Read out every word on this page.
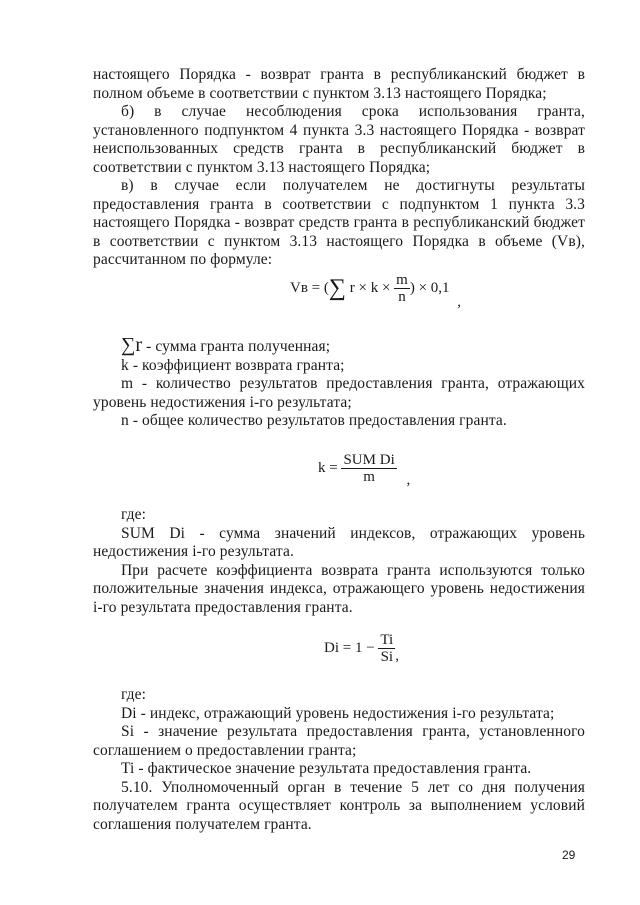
настоящего Порядка - возврат гранта в республиканский бюджет в полном объеме в соответствии с пунктом 3.13 настоящего Порядка;

б) в случае несоблюдения срока использования гранта, установленного подпунктом 4 пункта 3.3 настоящего Порядка - возврат неиспользованных средств гранта в республиканский бюджет в соответствии с пунктом 3.13 настоящего Порядка;

в) в случае если получателем не достигнуты результаты предоставления гранта в соответствии с подпунктом 1 пункта 3.3 настоящего Порядка - возврат средств гранта в республиканский бюджет в соответствии с пунктом 3.13 настоящего Порядка в объеме (Vв), рассчитанном по формуле:

Vв = (∑ $r \times k \times \frac{m}{n}$ ) × 0,1 ,

∑r - сумма гранта полученная;

k - коэффициент возврата гранта;

m - количество результатов предоставления гранта, отражающих уровень недостижения i-го результата;

n - общее количество результатов предоставления гранта.

$k = \frac{\text{SUM Di}}{m}$ ,

где:

SUM Di - сумма значений индексов, отражающих уровень недостижения i-го результата.

При расчете коэффициента возврата гранта используются только положительные значения индекса, отражающего уровень недостижения i-го результата предоставления гранта.

$Di = 1 - \frac{Ti}{Si}$ ,

где:

Di - индекс, отражающий уровень недостижения i-го результата;

Si - значение результата предоставления гранта, установленного соглашением о предоставлении гранта;

Ti - фактическое значение результата предоставления гранта.

5.10. Уполномоченный орган в течение 5 лет со дня получения получателем гранта осуществляет контроль за выполнением условий соглашения получателем гранта.

29
